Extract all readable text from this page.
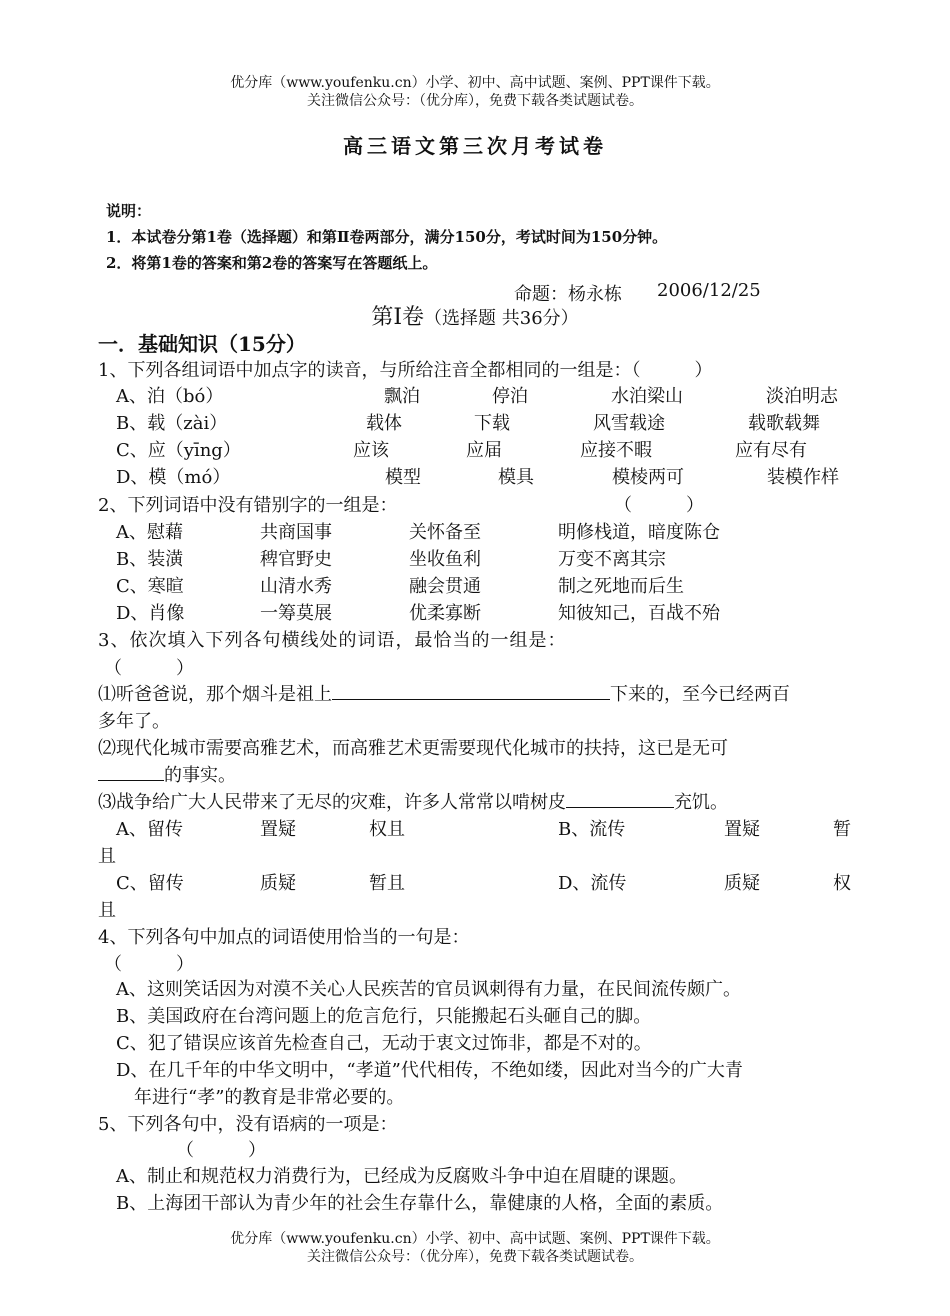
优分库（www.youfenku.cn）小学、初中、高中试题、案例、PPT课件下载。
关注微信公众号：（优分库），免费下载各类试题试卷。
高三语文第三次月考试卷
说明：
1．本试卷分第1卷（选择题）和第Ⅱ卷两部分，满分150分，考试时间为150分钟。
2．将第1卷的答案和第2卷的答案写在答题纸上。
命题：杨永栋 2006/12/25
第Ⅰ卷（选择题 共36分）
一．基础知识（15分）
1、下列各组词语中加点字的读音，与所给注音全都相同的一组是：（　　　）
A、泊（bó）	飘泊	停泊	水泊梁山	淡泊明志
B、载（zài）	载体	下载	风雪载途	载歌载舞
C、应（yīng）	应该	应届	应接不暇	应有尽有
D、模（mó）	模型	模具	模棱两可	装模作样
2、下列词语中没有错别字的一组是：	（　　　）
A、慰藉	共商国事	关怀备至	明修栈道，暗度陈仓
B、装潢	稗官野史	坐收鱼利	万变不离其宗
C、寒暄	山清水秀	融会贯通	制之死地而后生
D、肖像	一筹莫展	优柔寡断	知彼知己，百战不殆
3、依次填入下列各句横线处的词语，最恰当的一组是：
（　　　）
⑴听爸爸说，那个烟斗是祖上	下来的，至今已经两百
多年了。
⑵现代化城市需要高雅艺术，而高雅艺术更需要现代化城市的扶持，这已是无可
的事实。
⑶战争给广大人民带来了无尽的灾难，许多人常常以啃树皮	充饥。
A、留传	置疑	权且	B、流传	置疑	暂
且
C、留传	质疑	暂且	D、流传	质疑	权
且
4、下列各句中加点的词语使用恰当的一句是：
（　　　）
A、这则笑话因为对漠不关心人民疾苦的官员讽刺得有力量，在民间流传颇广。
B、美国政府在台湾问题上的危言危行，只能搬起石头砸自己的脚。
C、犯了错误应该首先检查自己，无动于衷文过饰非，都是不对的。
D、在几千年的中华文明中，“孝道”代代相传，不绝如缕，因此对当今的广大青
年进行“孝”的教育是非常必要的。
5、下列各句中，没有语病的一项是：
（　　　）
A、制止和规范权力消费行为，已经成为反腐败斗争中迫在眉睫的课题。
B、上海团干部认为青少年的社会生存靠什么，靠健康的人格，全面的素质。
优分库（www.youfenku.cn）小学、初中、高中试题、案例、PPT课件下载。
关注微信公众号：（优分库），免费下载各类试题试卷。
